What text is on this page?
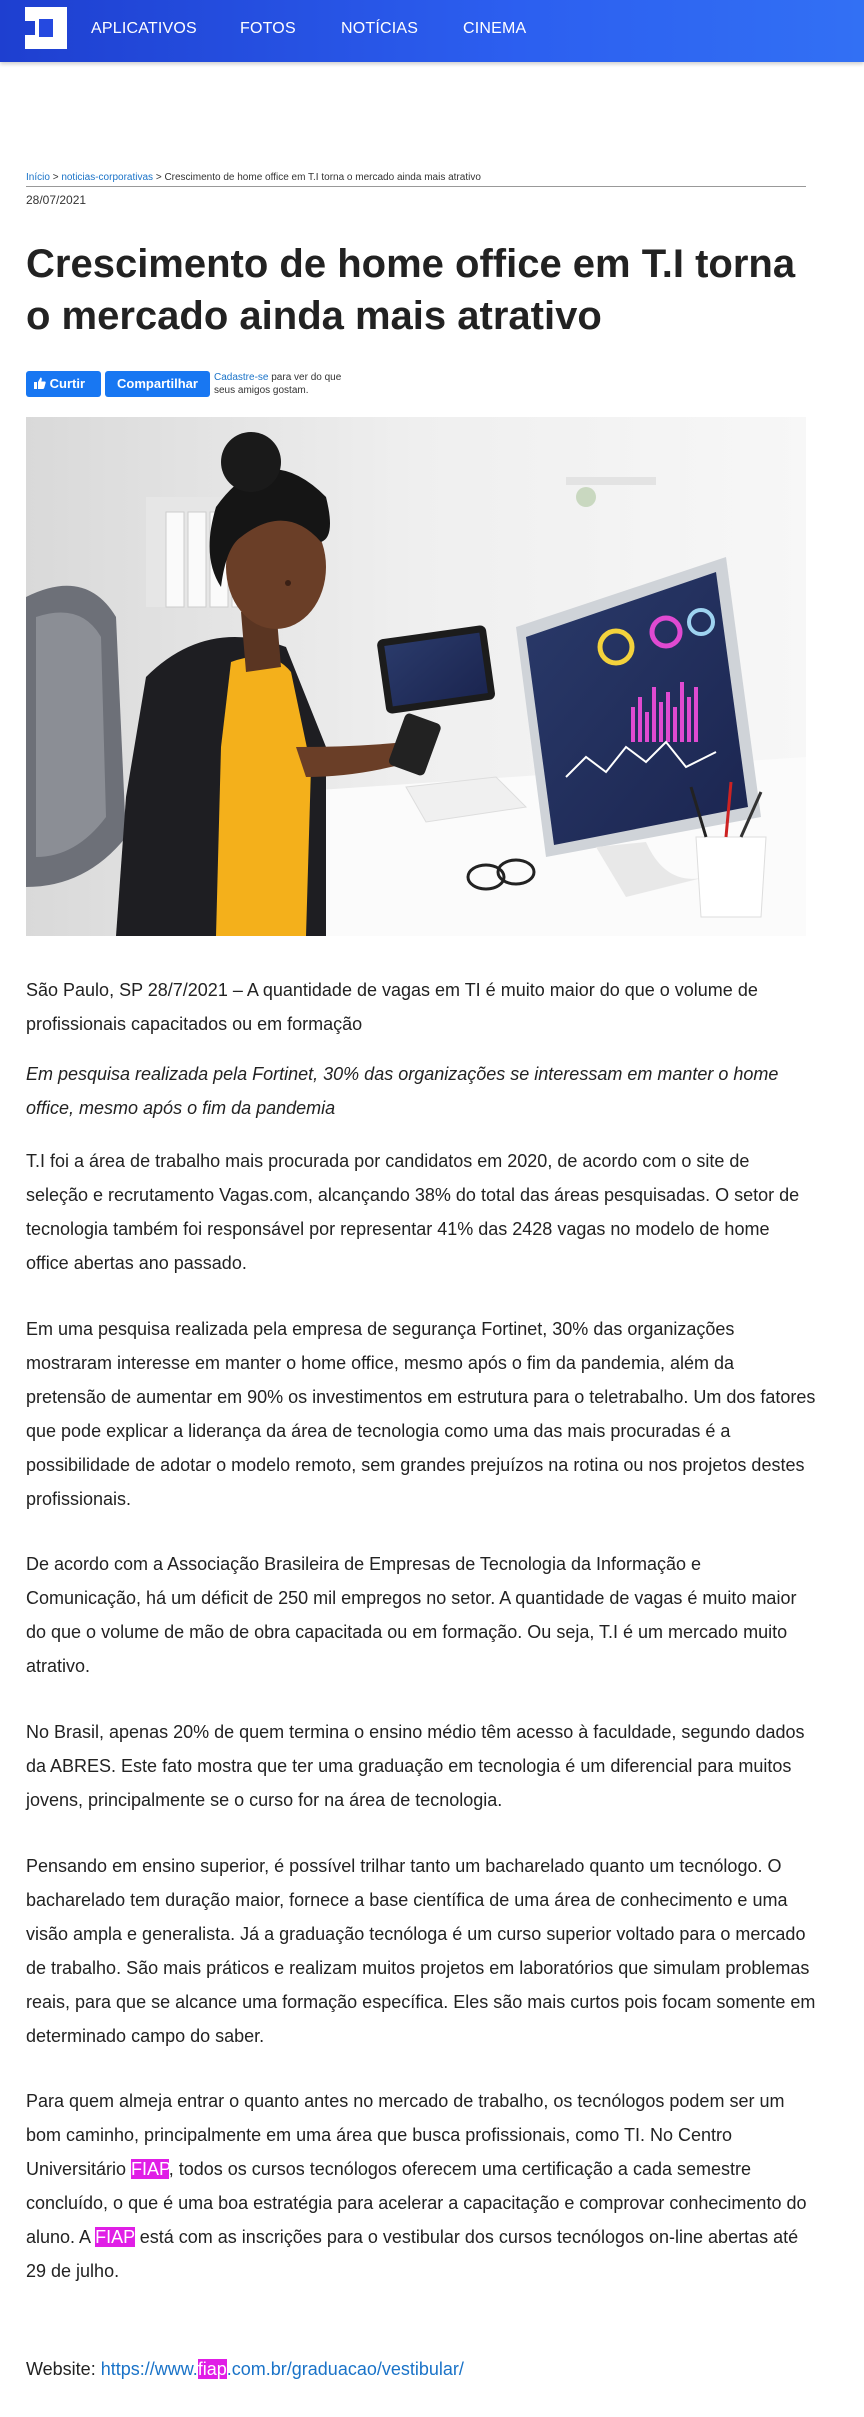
APLICATIVOS	FOTOS	NOTÍCIAS	CINEMA
Início > noticias-corporativas > Crescimento de home office em T.I torna o mercado ainda mais atrativo
28/07/2021
Crescimento de home office em T.I torna o mercado ainda mais atrativo
Curtir	Compartilhar	Cadastre-se para ver do que seus amigos gostam.

São Paulo, SP 28/7/2021 – A quantidade de vagas em TI é muito maior do que o volume de profissionais capacitados ou em formação

Em pesquisa realizada pela Fortinet, 30% das organizações se interessam em manter o home office, mesmo após o fim da pandemia

T.I foi a área de trabalho mais procurada por candidatos em 2020, de acordo com o site de seleção e recrutamento Vagas.com, alcançando 38% do total das áreas pesquisadas. O setor de tecnologia também foi responsável por representar 41% das 2428 vagas no modelo de home office abertas ano passado.

Em uma pesquisa realizada pela empresa de segurança Fortinet, 30% das organizações mostraram interesse em manter o home office, mesmo após o fim da pandemia, além da pretensão de aumentar em 90% os investimentos em estrutura para o teletrabalho. Um dos fatores que pode explicar a liderança da área de tecnologia como uma das mais procuradas é a possibilidade de adotar o modelo remoto, sem grandes prejuízos na rotina ou nos projetos destes profissionais.

De acordo com a Associação Brasileira de Empresas de Tecnologia da Informação e Comunicação, há um déficit de 250 mil empregos no setor. A quantidade de vagas é muito maior do que o volume de mão de obra capacitada ou em formação. Ou seja, T.I é um mercado muito atrativo.

No Brasil, apenas 20% de quem termina o ensino médio têm acesso à faculdade, segundo dados da ABRES. Este fato mostra que ter uma graduação em tecnologia é um diferencial para muitos jovens, principalmente se o curso for na área de tecnologia.

Pensando em ensino superior, é possível trilhar tanto um bacharelado quanto um tecnólogo. O bacharelado tem duração maior, fornece a base científica de uma área de conhecimento e uma visão ampla e generalista. Já a graduação tecnóloga é um curso superior voltado para o mercado de trabalho. São mais práticos e realizam muitos projetos em laboratórios que simulam problemas reais, para que se alcance uma formação específica. Eles são mais curtos pois focam somente em determinado campo do saber.

Para quem almeja entrar o quanto antes no mercado de trabalho, os tecnólogos podem ser um bom caminho, principalmente em uma área que busca profissionais, como TI. No Centro Universitário FIAP, todos os cursos tecnólogos oferecem uma certificação a cada semestre concluído, o que é uma boa estratégia para acelerar a capacitação e comprovar conhecimento do aluno. A FIAP está com as inscrições para o vestibular dos cursos tecnólogos on-line abertas até 29 de julho.

Website: https://www.fiap.com.br/graduacao/vestibular/
